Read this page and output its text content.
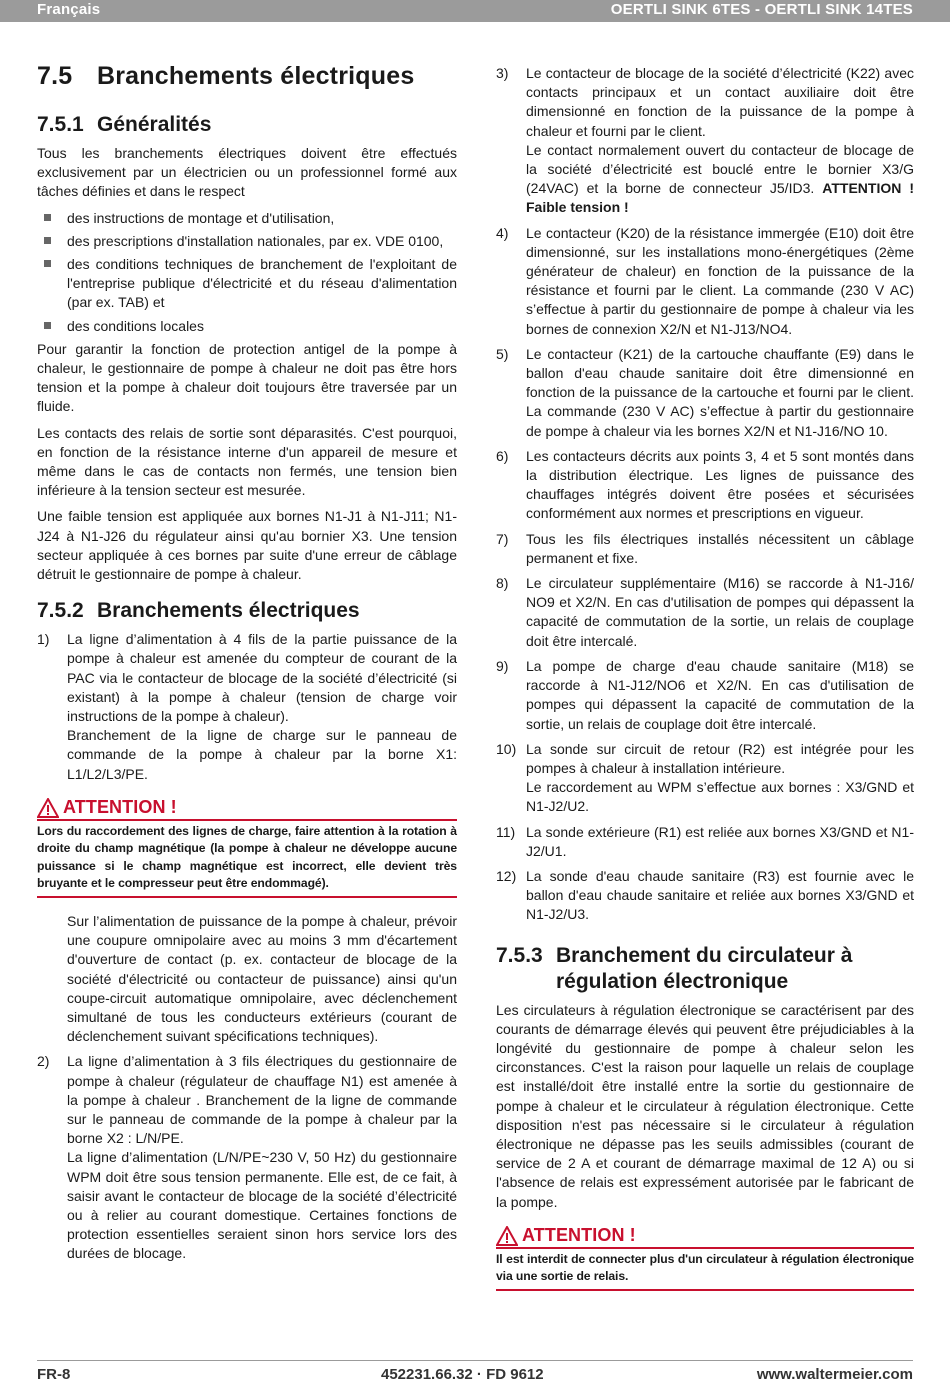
Français	OERTLI SINK 6TES - OERTLI SINK 14TES
7.5 Branchements électriques
7.5.1 Généralités

Tous les branchements électriques doivent être effectués exclusivement par un électricien ou un professionnel formé aux tâches définies et dans le respect

des instructions de montage et d'utilisation,
des prescriptions d'installation nationales, par ex. VDE 0100,
des conditions techniques de branchement de l'exploitant de l'entreprise publique d'électricité et du réseau d'alimentation (par ex. TAB) et
des conditions locales

Pour garantir la fonction de protection antigel de la pompe à chaleur, le gestionnaire de pompe à chaleur ne doit pas être hors tension et la pompe à chaleur doit toujours être traversée par un fluide.

Les contacts des relais de sortie sont déparasités. C'est pourquoi, en fonction de la résistance interne d'un appareil de mesure et même dans le cas de contacts non fermés, une tension bien inférieure à la tension secteur est mesurée.

Une faible tension est appliquée aux bornes N1-J1 à N1-J11; N1-J24 à N1-J26 du régulateur ainsi qu'au bornier X3. Une tension secteur appliquée à ces bornes par suite d'une erreur de câblage détruit le gestionnaire de pompe à chaleur.

7.5.2 Branchements électriques
1) La ligne d’alimentation à 4 fils de la partie puissance de la pompe à chaleur est amenée du compteur de courant de la PAC via le contacteur de blocage de la société d’électricité (si existant) à la pompe à chaleur (tension de charge voir instructions de la pompe à chaleur).
Branchement de la ligne de charge sur le panneau de commande de la pompe à chaleur par la borne X1: L1/L2/L3/PE.
ATTENTION !
Lors du raccordement des lignes de charge, faire attention à la rotation à droite du champ magnétique (la pompe à chaleur ne développe aucune puissance si le champ magnétique est incorrect, elle devient très bruyante et le compresseur peut être endommagé).

Sur l’alimentation de puissance de la pompe à chaleur, prévoir une coupure omnipolaire avec au moins 3 mm d'écartement d'ouverture de contact (p. ex. contacteur de blocage de la société d'électricité ou contacteur de puissance) ainsi qu'un coupe-circuit automatique omnipolaire, avec déclenchement simultané de tous les conducteurs extérieurs (courant de déclenchement suivant spécifications techniques).

2) La ligne d’alimentation à 3 fils électriques du gestionnaire de pompe à chaleur (régulateur de chauffage N1) est amenée à la pompe à chaleur . Branchement de la ligne de commande sur le panneau de commande de la pompe à chaleur par la borne X2 : L/N/PE.
La ligne d’alimentation (L/N/PE~230 V, 50 Hz) du gestionnaire WPM doit être sous tension permanente. Elle est, de ce fait, à saisir avant le contacteur de blocage de la société d’électricité ou à relier au courant domestique. Certaines fonctions de protection essentielles seraient sinon hors service lors des durées de blocage.
3) Le contacteur de blocage de la société d’électricité (K22) avec contacts principaux et un contact auxiliaire doit être dimensionné en fonction de la puissance de la pompe à chaleur et fourni par le client.
Le contact normalement ouvert du contacteur de blocage de la société d’électricité est bouclé entre le bornier X3/G (24VAC) et la borne de connecteur J5/ID3. ATTENTION ! Faible tension !
4) Le contacteur (K20) de la résistance immergée (E10) doit être dimensionné, sur les installations mono-énergétiques (2ème générateur de chaleur) en fonction de la puissance de la résistance et fourni par le client. La commande (230 V AC) s’effectue à partir du gestionnaire de pompe à chaleur via les bornes de connexion X2/N et N1-J13/NO4.
5) Le contacteur (K21) de la cartouche chauffante (E9) dans le ballon d'eau chaude sanitaire doit être dimensionné en fonction de la puissance de la cartouche et fourni par le client. La commande (230 V AC) s’effectue à partir du gestionnaire de pompe à chaleur via les bornes X2/N et N1-J16/NO 10.
6) Les contacteurs décrits aux points 3, 4 et 5 sont montés dans la distribution électrique. Les lignes de puissance des chauffages intégrés doivent être posées et sécurisées conformément aux normes et prescriptions en vigueur.
7) Tous les fils électriques installés nécessitent un câblage permanent et fixe.
8) Le circulateur supplémentaire (M16) se raccorde à N1-J16/ NO9 et X2/N. En cas d'utilisation de pompes qui dépassent la capacité de commutation de la sortie, un relais de couplage doit être intercalé.
9) La pompe de charge d'eau chaude sanitaire (M18) se raccorde à N1-J12/NO6 et X2/N. En cas d'utilisation de pompes qui dépassent la capacité de commutation de la sortie, un relais de couplage doit être intercalé.
10) La sonde sur circuit de retour (R2) est intégrée pour les pompes à chaleur à installation intérieure.
Le raccordement au WPM s’effectue aux bornes : X3/GND et N1-J2/U2.
11) La sonde extérieure (R1) est reliée aux bornes X3/GND et N1-J2/U1.
12) La sonde d'eau chaude sanitaire (R3) est fournie avec le ballon d'eau chaude sanitaire et reliée aux bornes X3/GND et N1-J2/U3.
7.5.3 Branchement du circulateur à régulation électronique

Les circulateurs à régulation électronique se caractérisent par des courants de démarrage élevés qui peuvent être préjudiciables à la longévité du gestionnaire de pompe à chaleur selon les circonstances. C'est la raison pour laquelle un relais de couplage est installé/doit être installé entre la sortie du gestionnaire de pompe à chaleur et le circulateur à régulation électronique. Cette disposition n'est pas nécessaire si le circulateur à régulation électronique ne dépasse pas les seuils admissibles (courant de service de 2 A et courant de démarrage maximal de 12 A) ou si l'absence de relais est expressément autorisée par le fabricant de la pompe.

ATTENTION !
Il est interdit de connecter plus d'un circulateur à régulation électronique via une sortie de relais.
FR-8	452231.66.32 · FD 9612	www.waltermeier.com
